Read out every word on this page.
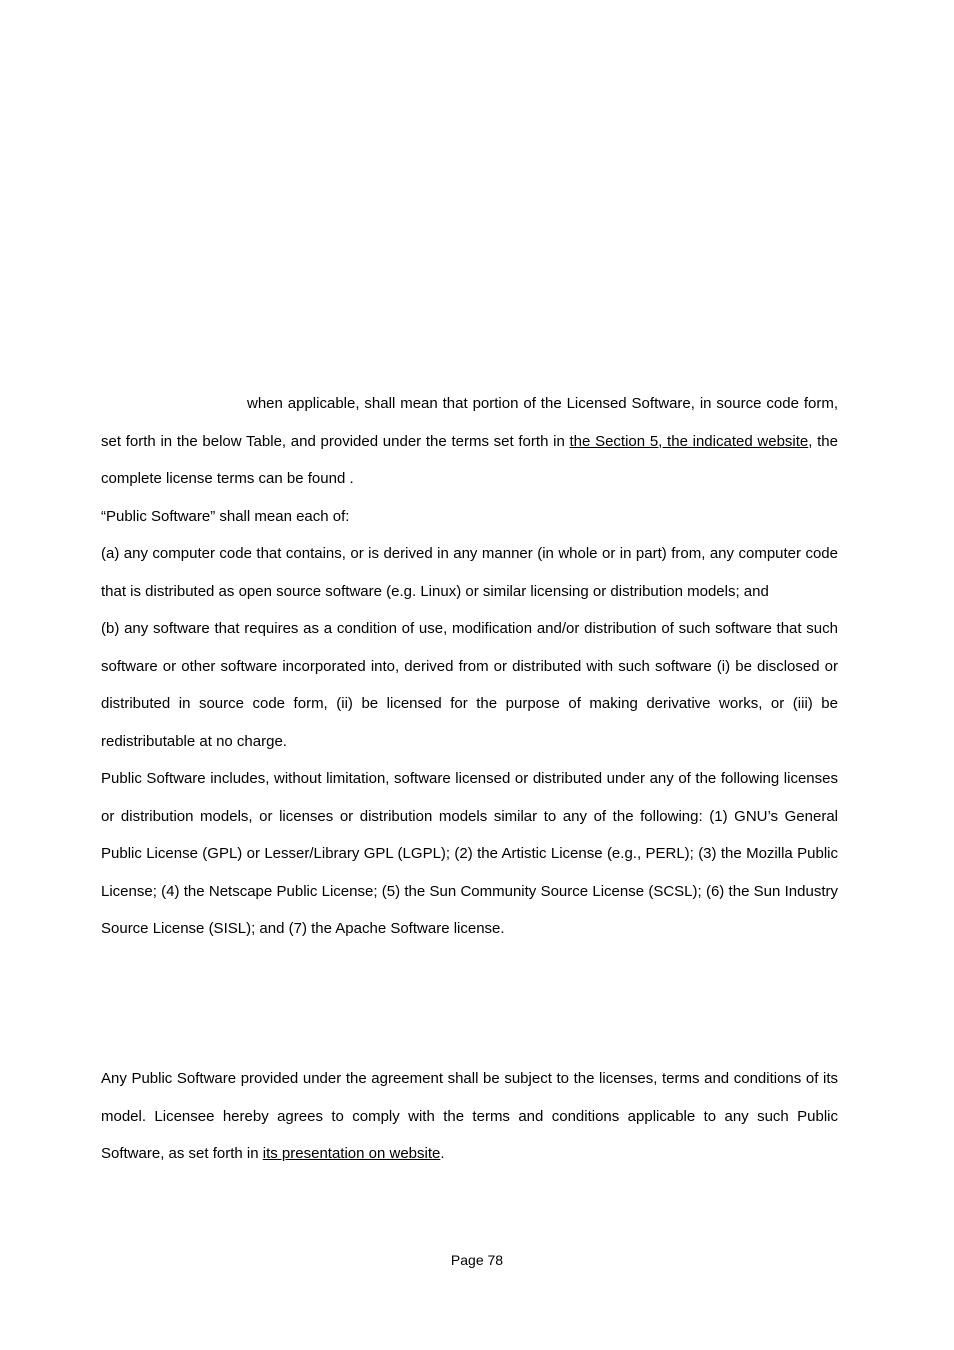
when applicable, shall mean that portion of the Licensed Software, in source code form, set forth in the below Table, and provided under the terms set forth in the Section 5, the indicated website, the complete license terms can be found .

“Public Software” shall mean each of:

(a) any computer code that contains, or is derived in any manner (in whole or in part) from, any computer code that is distributed as open source software (e.g. Linux) or similar licensing or distribution models; and

(b) any software that requires as a condition of use, modification and/or distribution of such software that such software or other software incorporated into, derived from or distributed with such software (i) be disclosed or distributed in source code form, (ii) be licensed for the purpose of making derivative works, or (iii) be redistributable at no charge.

Public Software includes, without limitation, software licensed or distributed under any of the following licenses or distribution models, or licenses or distribution models similar to any of the following: (1) GNU’s General Public License (GPL) or Lesser/Library GPL (LGPL); (2) the Artistic License (e.g., PERL); (3) the Mozilla Public License; (4) the Netscape Public License; (5) the Sun Community Source License (SCSL); (6) the Sun Industry Source License (SISL); and (7) the Apache Software license.

Any Public Software provided under the agreement shall be subject to the licenses, terms and conditions of its model. Licensee hereby agrees to comply with the terms and conditions applicable to any such Public Software, as set forth in its presentation on website.

Page 78
